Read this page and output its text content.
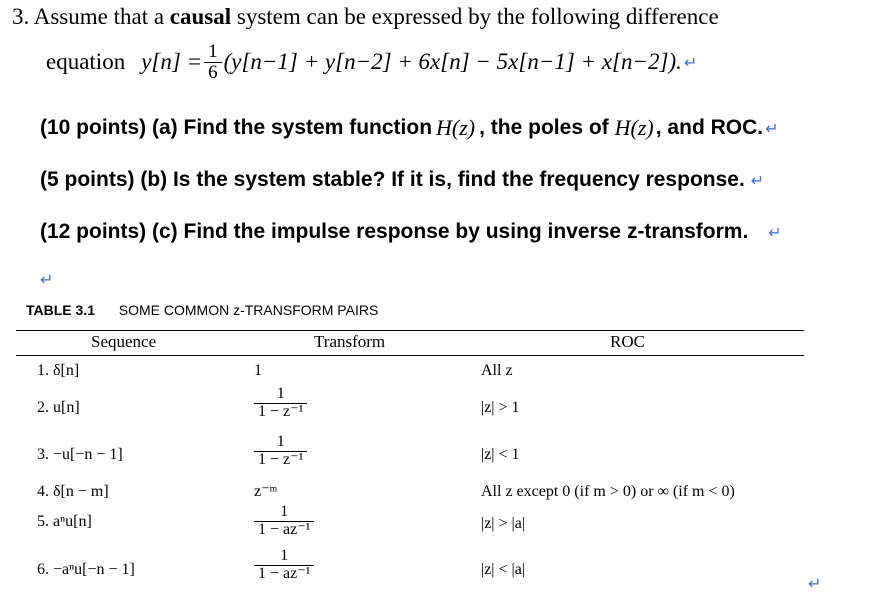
3. Assume that a causal system can be expressed by the following difference
equation $y[n] = \frac{1}{6} (y[n-1] + y[n-2] + 6x[n] - 5x[n-1] + x[n-2])$. ↵
(10 points) (a) Find the system function H(z) , the poles of H(z) , and ROC. ↵
(5 points) (b) Is the system stable? If it is, find the frequency response. ↵
(12 points) (c) Find the impulse response by using inverse z-transform. ↵
↵
TABLE 3.1 SOME COMMON z-TRANSFORM PAIRS
Sequence	Transform	ROC
1. δ[n]	1	All z
2. u[n]	$\frac{1}{\text{1 − z⁻¹}}$	|z| > 1
3. −u[−n − 1]	$\frac{1}{\text{1 − z⁻¹}}$	|z| < 1
4. δ[n − m]	z⁻ᵐ	All z except 0 (if m > 0) or ∞ (if m < 0)
5. aⁿu[n]	$\frac{1}{\text{1 − az⁻¹}}$	|z| > |a|
6. −aⁿu[−n − 1]	$\frac{1}{\text{1 − az⁻¹}}$	|z| < |a|
↵
